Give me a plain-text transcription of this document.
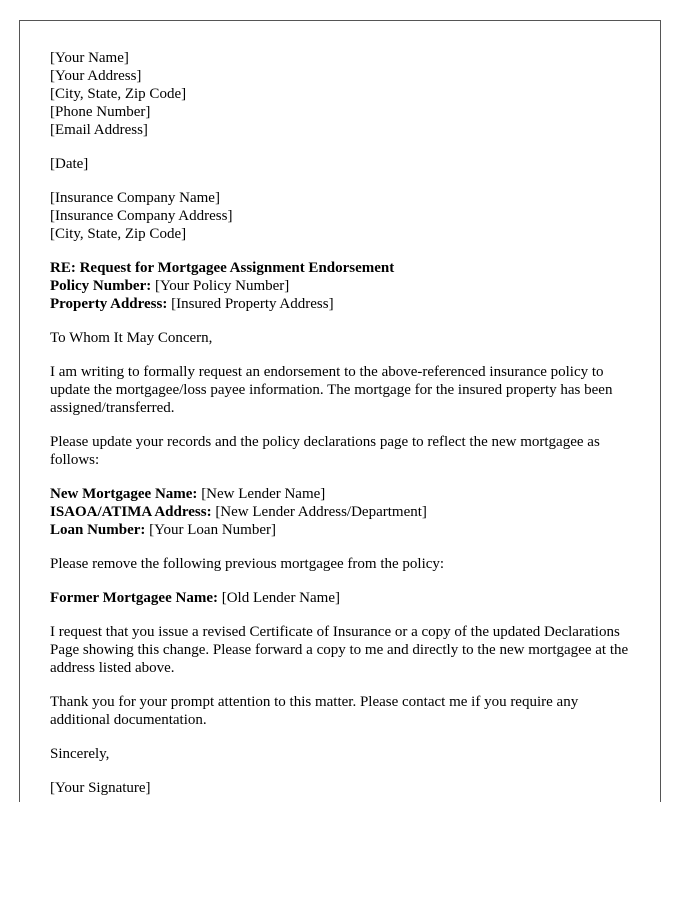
[Your Name]
[Your Address]
[City, State, Zip Code]
[Phone Number]
[Email Address]
[Date]
[Insurance Company Name]
[Insurance Company Address]
[City, State, Zip Code]
RE: Request for Mortgagee Assignment Endorsement
Policy Number: [Your Policy Number]
Property Address: [Insured Property Address]

To Whom It May Concern,

I am writing to formally request an endorsement to the above-referenced insurance policy to update the mortgagee/loss payee information. The mortgage for the insured property has been assigned/transferred.

Please update your records and the policy declarations page to reflect the new mortgagee as follows:

New Mortgagee Name: [New Lender Name]
ISAOA/ATIMA Address: [New Lender Address/Department]
Loan Number: [Your Loan Number]

Please remove the following previous mortgagee from the policy:

Former Mortgagee Name: [Old Lender Name]

I request that you issue a revised Certificate of Insurance or a copy of the updated Declarations Page showing this change. Please forward a copy to me and directly to the new mortgagee at the address listed above.

Thank you for your prompt attention to this matter. Please contact me if you require any additional documentation.

Sincerely,

[Your Signature]
